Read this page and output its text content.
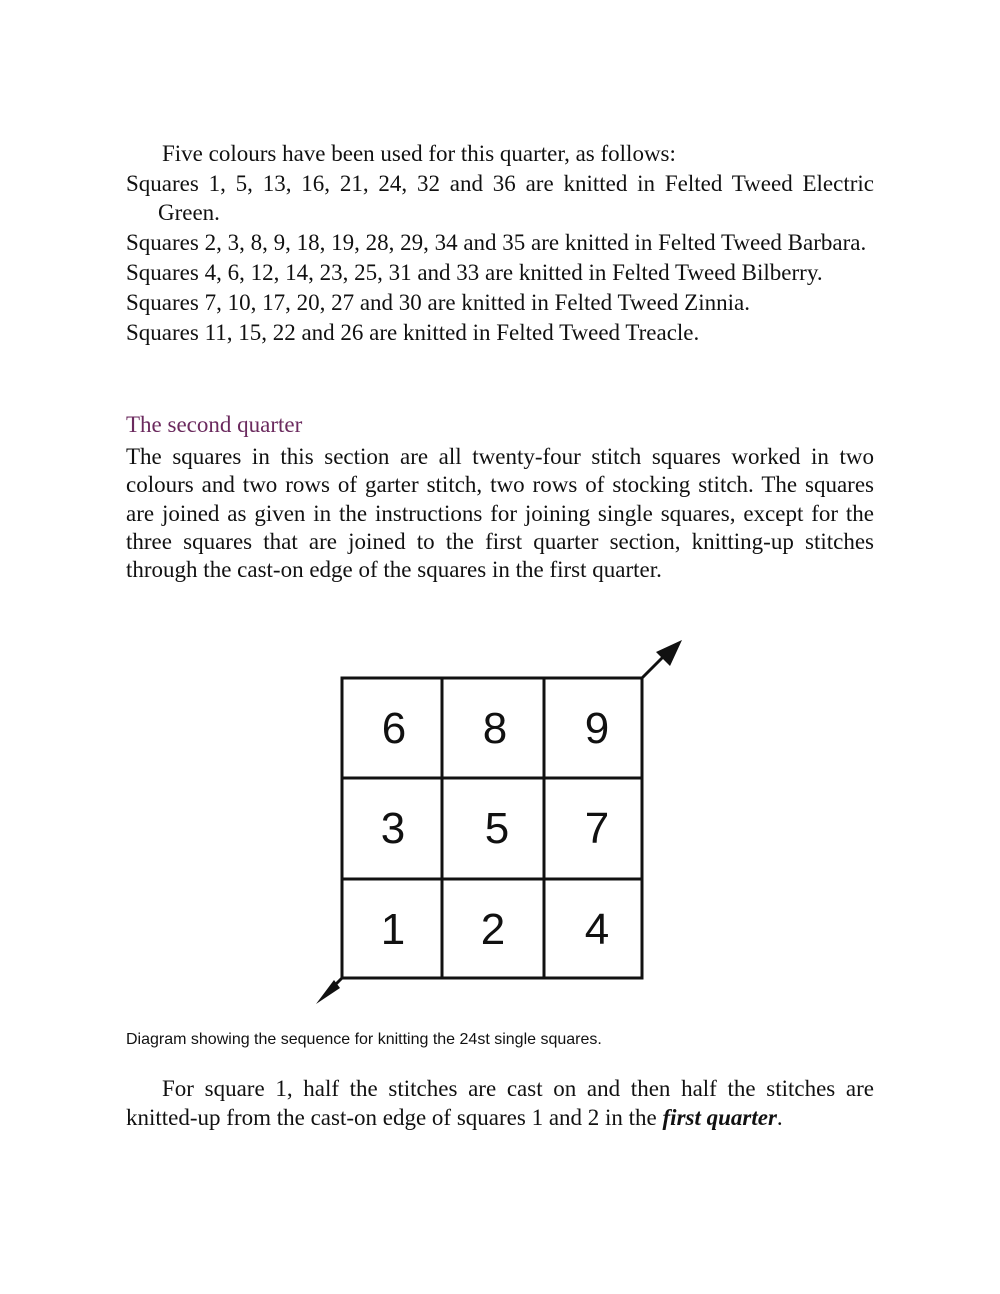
Five colours have been used for this quarter, as follows:

Squares 1, 5, 13, 16, 21, 24, 32 and 36 are knitted in Felted Tweed Electric Green.
Squares 2, 3, 8, 9, 18, 19, 28, 29, 34 and 35 are knitted in Felted Tweed Barbara.
Squares 4, 6, 12, 14, 23, 25, 31 and 33 are knitted in Felted Tweed Bilberry.
Squares 7, 10, 17, 20, 27 and 30 are knitted in Felted Tweed Zinnia.
Squares 11, 15, 22 and 26 are knitted in Felted Tweed Treacle.
The second quarter

The squares in this section are all twenty-four stitch squares worked in two colours and two rows of garter stitch, two rows of stocking stitch. The squares are joined as given in the instructions for joining single squares, except for the three squares that are joined to the first quarter section, knitting-up stitches through the cast-on edge of the squares in the first quarter.

6 8 9
3 5 7
1 2 4

Diagram showing the sequence for knitting the 24st single squares.

For square 1, half the stitches are cast on and then half the stitches are knitted-up from the cast-on edge of squares 1 and 2 in the first quarter.
